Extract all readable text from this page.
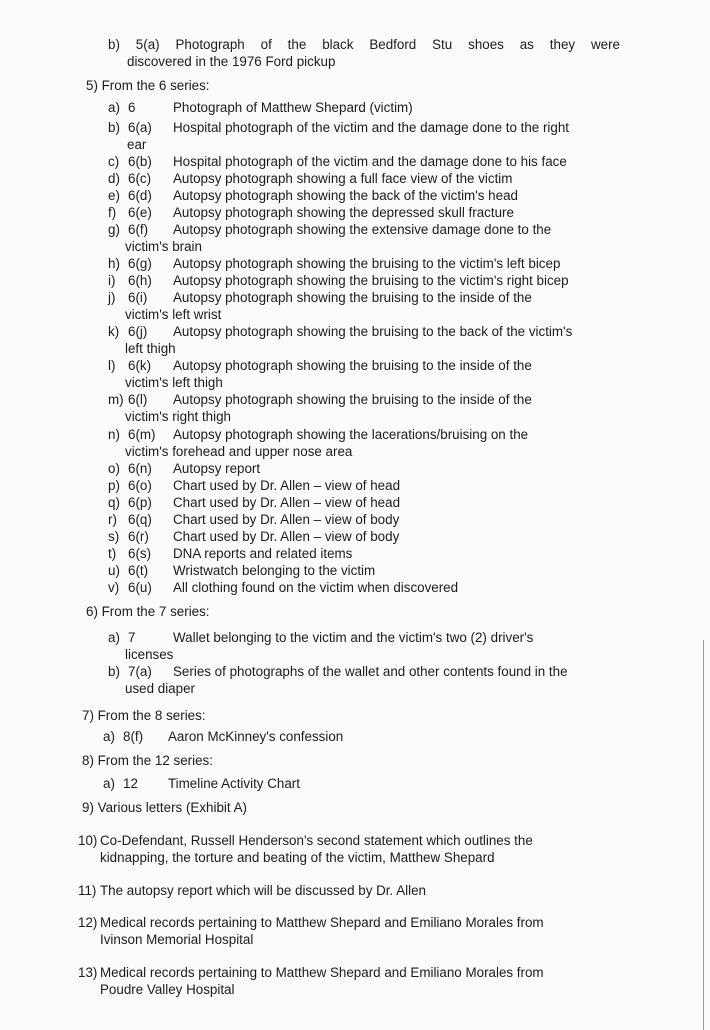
b) 5(a) Photograph of the black Bedford Stu shoes as they were
discovered in the 1976 Ford pickup
5) From the 6 series:
a) 6	Photograph of Matthew Shepard (victim)
b) 6(a) Hospital photograph of the victim and the damage done to the right
ear
c) 6(b) Hospital photograph of the victim and the damage done to his face
d) 6(c) Autopsy photograph showing a full face view of the victim
e) 6(d) Autopsy photograph showing the back of the victim's head
f) 6(e) Autopsy photograph showing the depressed skull fracture
g) 6(f) Autopsy photograph showing the extensive damage done to the
victim's brain
h) 6(g) Autopsy photograph showing the bruising to the victim's left bicep
i) 6(h) Autopsy photograph showing the bruising to the victim's right bicep
j) 6(i) Autopsy photograph showing the bruising to the inside of the
victim's left wrist
k) 6(j) Autopsy photograph showing the bruising to the back of the victim's
left thigh
l) 6(k) Autopsy photograph showing the bruising to the inside of the
victim's left thigh
m) 6(l) Autopsy photograph showing the bruising to the inside of the
victim's right thigh
n) 6(m) Autopsy photograph showing the lacerations/bruising on the
victim's forehead and upper nose area
o) 6(n) Autopsy report
p) 6(o) Chart used by Dr. Allen – view of head
q) 6(p) Chart used by Dr. Allen – view of head
r) 6(q) Chart used by Dr. Allen – view of body
s) 6(r) Chart used by Dr. Allen – view of body
t) 6(s) DNA reports and related items
u) 6(t) Wristwatch belonging to the victim
v) 6(u) All clothing found on the victim when discovered
6) From the 7 series:
a) 7	Wallet belonging to the victim and the victim's two (2) driver's
licenses
b) 7(a) Series of photographs of the wallet and other contents found in the
used diaper
7) From the 8 series:
a) 8(f) Aaron McKinney's confession
8) From the 12 series:
a) 12 Timeline Activity Chart
9) Various letters (Exhibit A)
10) Co-Defendant, Russell Henderson's second statement which outlines the
kidnapping, the torture and beating of the victim, Matthew Shepard
11) The autopsy report which will be discussed by Dr. Allen
12) Medical records pertaining to Matthew Shepard and Emiliano Morales from
Ivinson Memorial Hospital
13) Medical records pertaining to Matthew Shepard and Emiliano Morales from
Poudre Valley Hospital
